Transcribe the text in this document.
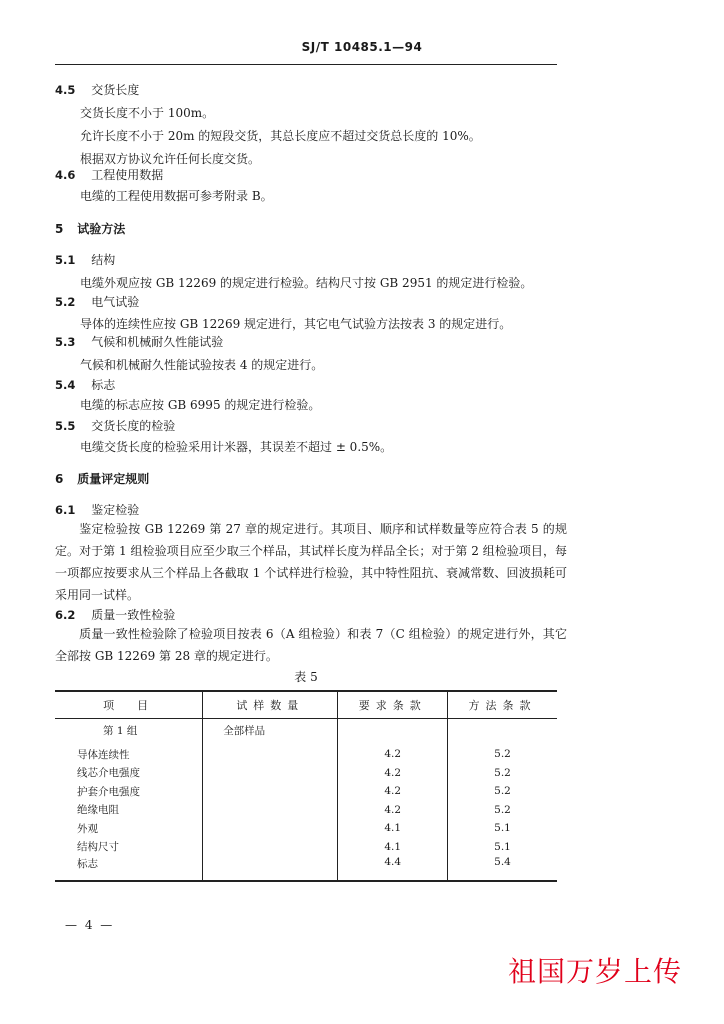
SJ/T 10485.1—94
4.5 交货长度
交货长度不小于 100m。
允许长度不小于 20m 的短段交货，其总长度应不超过交货总长度的 10%。
根据双方协议允许任何长度交货。
4.6 工程使用数据
电缆的工程使用数据可参考附录 B。
5 试验方法
5.1 结构
电缆外观应按 GB 12269 的规定进行检验。结构尺寸按 GB 2951 的规定进行检验。
5.2 电气试验
导体的连续性应按 GB 12269 规定进行，其它电气试验方法按表 3 的规定进行。
5.3 气候和机械耐久性能试验
气候和机械耐久性能试验按表 4 的规定进行。
5.4 标志
电缆的标志应按 GB 6995 的规定进行检验。
5.5 交货长度的检验
电缆交货长度的检验采用计米器，其误差不超过 ± 0.5%。
6 质量评定规则
6.1 鉴定检验
鉴定检验按 GB 12269 第 27 章的规定进行。其项目、顺序和试样数量等应符合表 5 的规定。对于第 1 组检验项目应至少取三个样品，其试样长度为样品全长；对于第 2 组检验项目，每一项都应按要求从三个样品上各截取 1 个试样进行检验，其中特性阻抗、衰减常数、回波损耗可采用同一试样。
6.2 质量一致性检验
质量一致性检验除了检验项目按表 6（A 组检验）和表 7（C 组检验）的规定进行外，其它全部按 GB 12269 第 28 章的规定进行。
表 5
项　目	试样数量	要求条款	方法条款
第 1 组	全部样品		
导体连续性		4.2	5.2
线芯介电强度		4.2	5.2
护套介电强度		4.2	5.2
绝缘电阻		4.2	5.2
外观		4.1	5.1
结构尺寸		4.1	5.1
标志		4.4	5.4
— 4 —
祖国万岁上传
